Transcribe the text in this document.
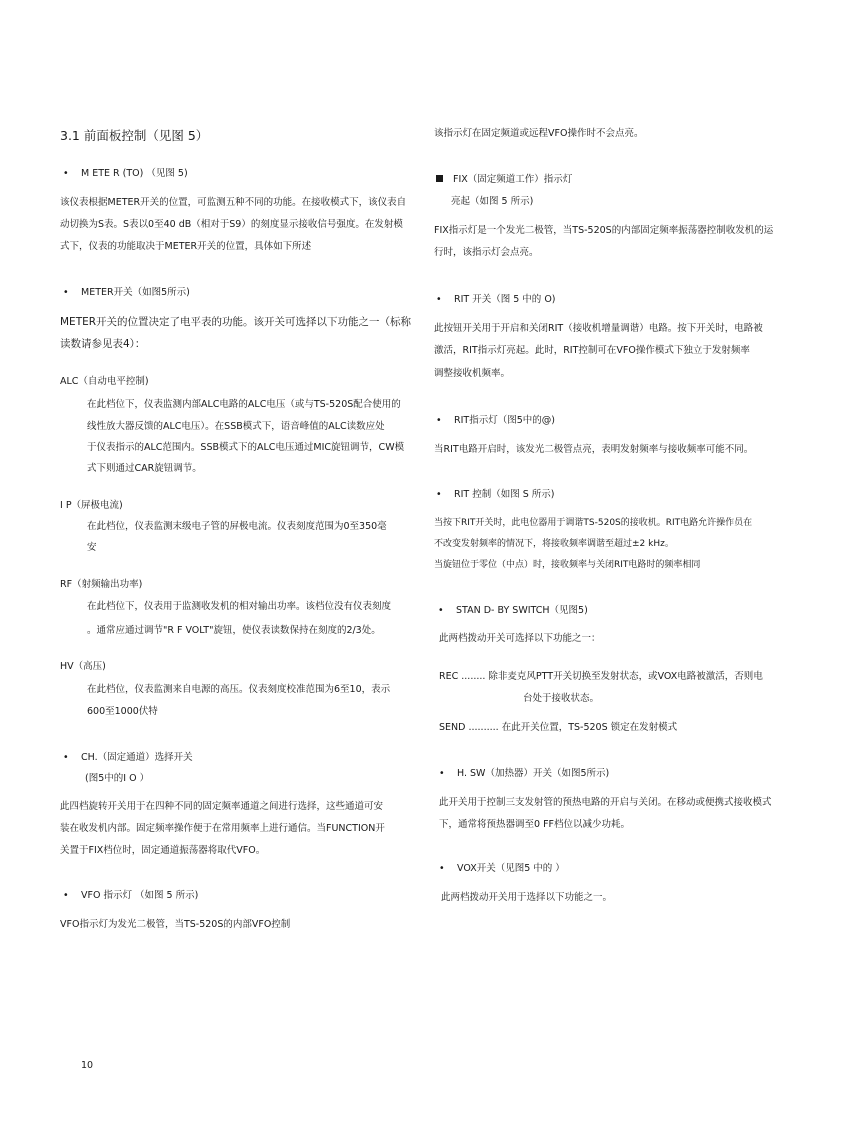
3.1 前面板控制（见图 5）
• M ETE R (TO) （见图 5)
该仪表根据METER开关的位置，可监测五种不同的功能。在接收模式下，该仪表自
动切换为S表。S表以0至40 dB（相对于S9）的刻度显示接收信号强度。在发射模
式下，仪表的功能取决于METER开关的位置，具体如下所述
• METER开关（如图5所示)
METER开关的位置决定了电平表的功能。该开关可选择以下功能之一（标称
读数请参见表4）：
ALC（自动电平控制)
在此档位下，仪表监测内部ALC电路的ALC电压（或与TS-520S配合使用的
线性放大器反馈的ALC电压）。在SSB模式下，语音峰值的ALC读数应处
于仪表指示的ALC范围内。SSB模式下的ALC电压通过MIC旋钮调节，CW模
式下则通过CAR旋钮调节。
I P（屏极电流)
在此档位，仪表监测末级电子管的屏极电流。仪表刻度范围为0至350毫
安
RF（射频输出功率)
在此档位下，仪表用于监测收发机的相对输出功率。该档位没有仪表刻度
。通常应通过调节"R F VOLT"旋钮，使仪表读数保持在刻度的2/3处。
HV（高压)
在此档位，仪表监测来自电源的高压。仪表刻度校准范围为6至10，表示
600至1000伏特
• CH.（固定通道）选择开关
(图5中的I O ）
此四档旋转开关用于在四种不同的固定频率通道之间进行选择，这些通道可安
装在收发机内部。固定频率操作便于在常用频率上进行通信。当FUNCTION开
关置于FIX档位时，固定通道振荡器将取代VFO。
• VFO 指示灯 （如图 5 所示)
VFO指示灯为发光二极管，当TS-520S的内部VFO控制
该指示灯在固定频道或远程VFO操作时不会点亮。
FIX（固定频道工作）指示灯
亮起（如图 5 所示)
FIX指示灯是一个发光二极管，当TS-520S的内部固定频率振荡器控制收发机的运
行时，该指示灯会点亮。
• RIT 开关（图 5 中的 O)
此按钮开关用于开启和关闭RIT（接收机增量调谐）电路。按下开关时，电路被
激活，RIT指示灯亮起。此时，RIT控制可在VFO操作模式下独立于发射频率
调整接收机频率。
• RIT指示灯（图5中的@)
当RIT电路开启时，该发光二极管点亮，表明发射频率与接收频率可能不同。
• RIT 控制（如图 S 所示)
当按下RIT开关时，此电位器用于调谐TS-520S的接收机。RIT电路允许操作员在
不改变发射频率的情况下，将接收频率调谐至超过±2 kHz。
当旋钮位于零位（中点）时，接收频率与关闭RIT电路时的频率相同
• STAN D- BY SWITCH（见图5)
此两档拨动开关可选择以下功能之一：
REC ........ 除非麦克风PTT开关切换至发射状态，或VOX电路被激活，否则电
台处于接收状态。
SEND .......... 在此开关位置，TS-520S 锁定在发射模式
• H. SW（加热器）开关（如图5所示)
此开关用于控制三支发射管的预热电路的开启与关闭。在移动或便携式接收模式
下，通常将预热器调至0 FF档位以减少功耗。
• VOX开关（见图5 中的 ）
此两档拨动开关用于选择以下功能之一。
10
